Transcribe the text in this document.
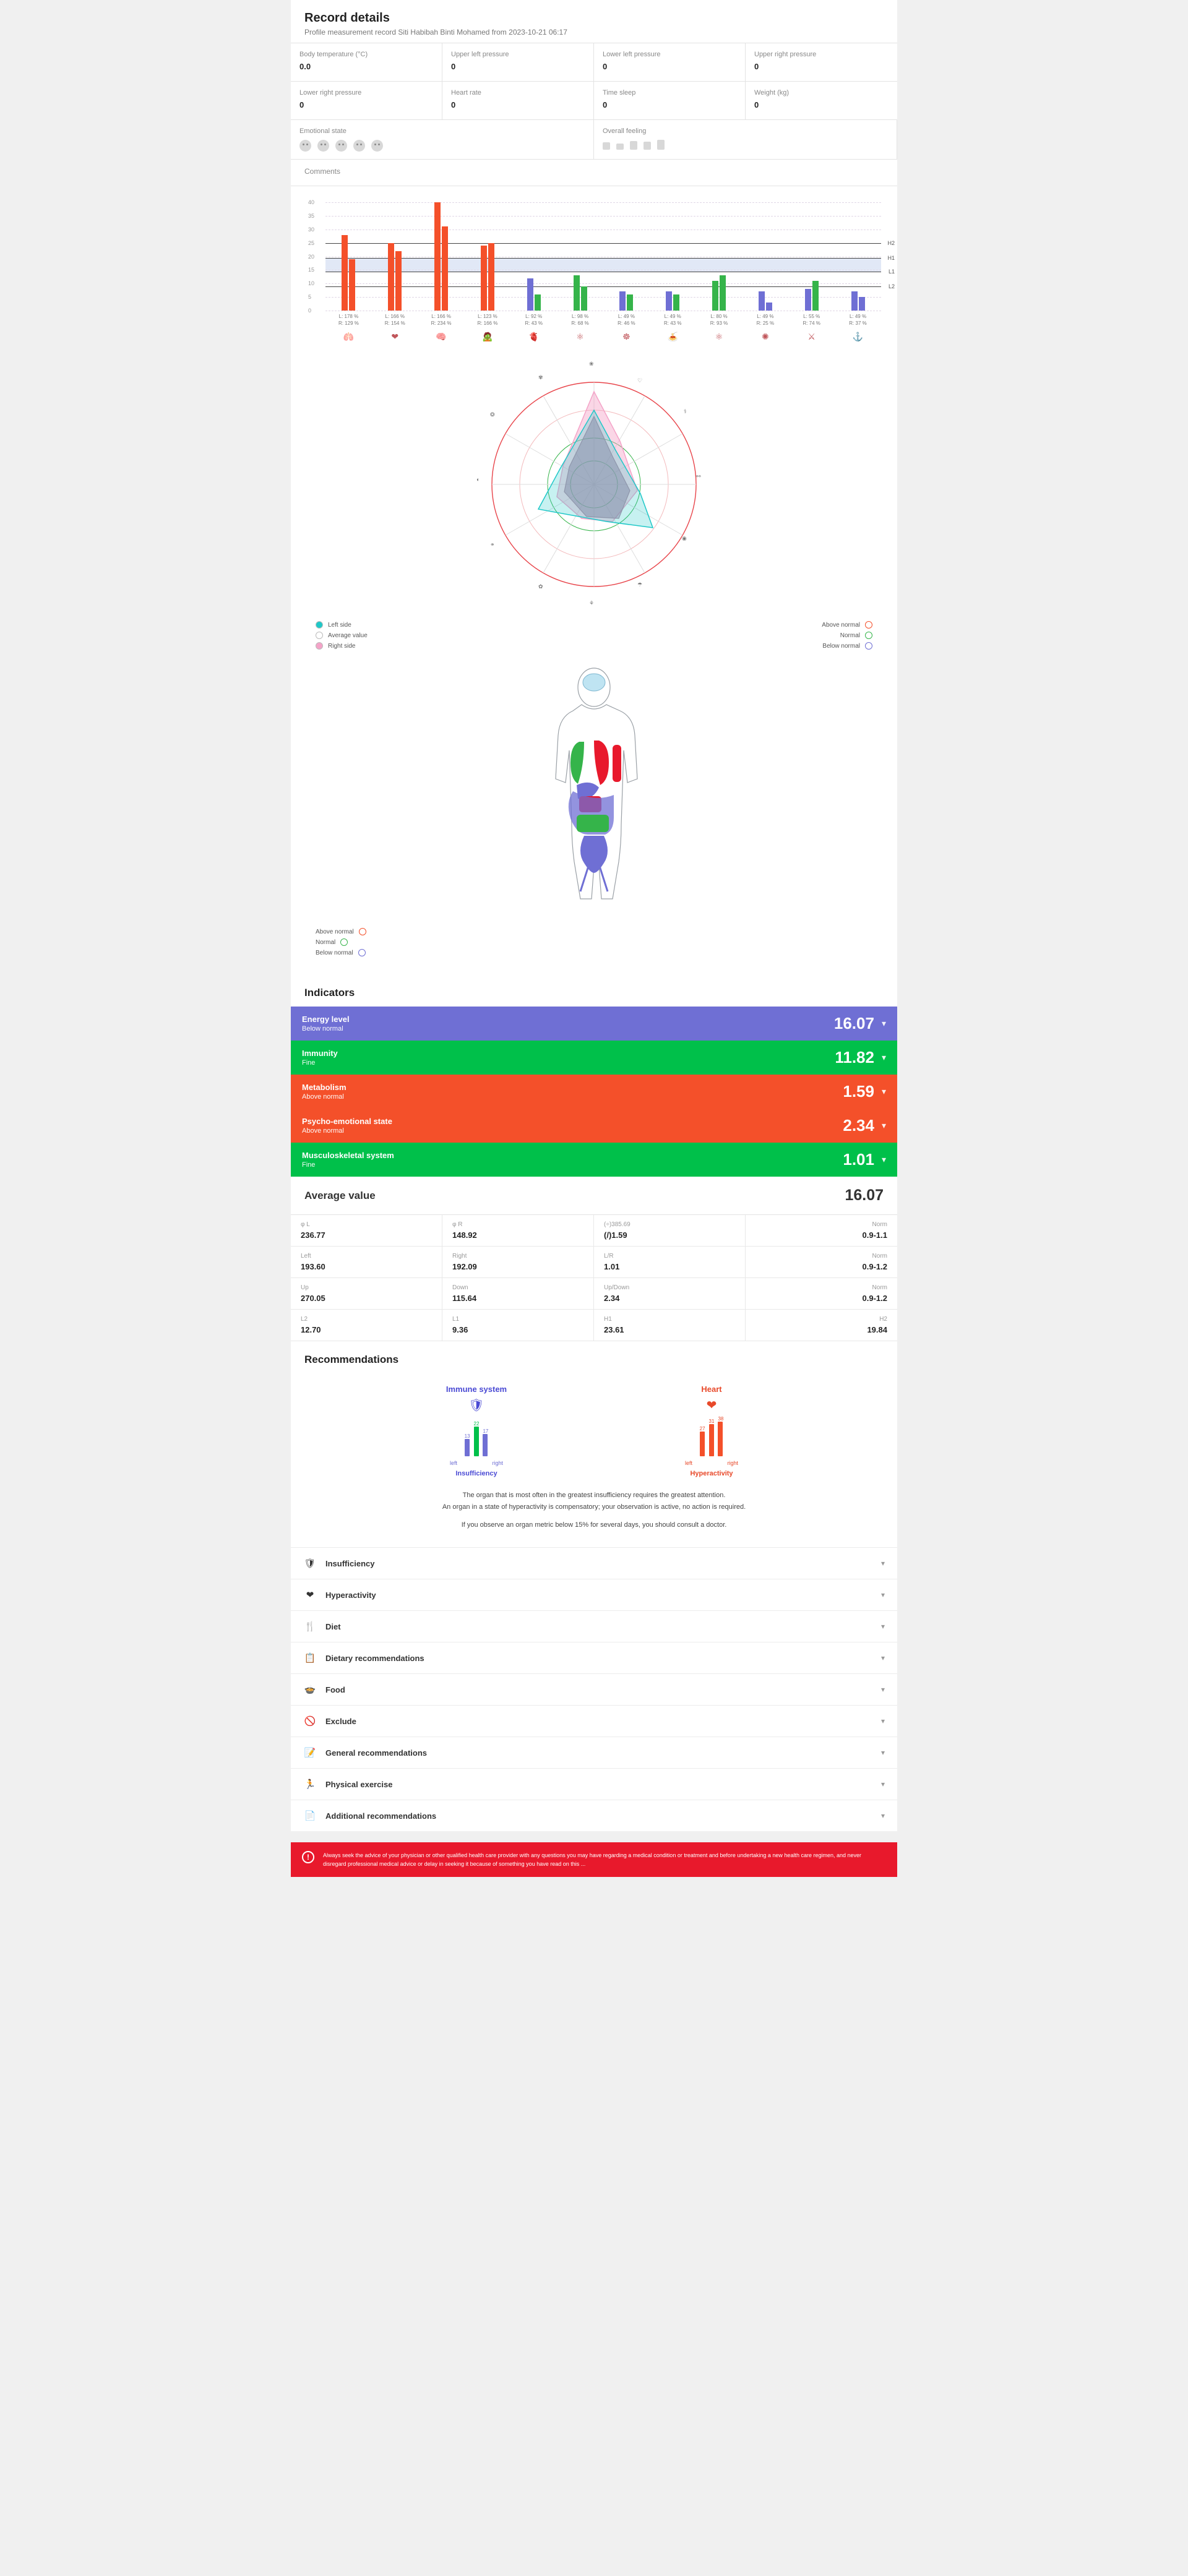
Record details
Profile measurement record Siti Habibah Binti Mohamed from 2023-10-21 06:17
Body temperature (°C)
0.0
Upper left pressure
0
Lower left pressure
0
Upper right pressure
0
Lower right pressure
0
Heart rate
0
Time sleep
0
Weight (kg)
0
Emotional state	Overall feeling
Comments
0
5
10
15
20
25
30
35
40
H2
H1
L1
L2
L: 178 %
R: 129 %
L: 166 %
R: 154 %
L: 166 %
R: 234 %
L: 123 %
R: 166 %
L: 92 %
R: 43 %
L: 98 %
R: 68 %
L: 49 %
R: 46 %
L: 49 %
R: 43 %
L: 80 %
R: 93 %
L: 49 %
R: 25 %
L: 55 %
R: 74 %
L: 49 %
R: 37 %
🫁	❤	🧠	🧟	🫀	⚛	☸	🍝	⚛	✺	⚔	⚓
♡
⚕
⚯
◉
☂
⚘
✿
⚭
◐
❂
✾
❀
Left side
Average value
Right side
Above normal
Normal
Below normal
Above normal
Normal
Below normal
Indicators
Energy level
Below normal	16.07 ▾
Immunity
Fine	11.82 ▾
Metabolism
Above normal	1.59 ▾
Psycho-emotional state
Above normal	2.34 ▾
Musculoskeletal system
Fine	1.01 ▾
Average value	16.07
φ L
236.77
φ R
148.92
(÷)385.69
(/)1.59
Norm
0.9-1.1
Left
193.60
Right
192.09
L/R
1.01
Norm
0.9-1.2
Up
270.05
Down
115.64
Up/Down
2.34
Norm
0.9-1.2
L2
12.70
L1
9.36
H1
23.61
H2
19.84
Recommendations
Immune system
🛡
13
22
17
left	right
Insufficiency
Heart
❤
27
31 38
left	right
Hyperactivity
The organ that is most often in the greatest insufficiency requires the greatest attention.
An organ in a state of hyperactivity is compensatory; your observation is active, no action is required.
If you observe an organ metric below 15% for several days, you should consult a doctor.
🛡 Insufficiency	▾
❤	Hyperactivity	▾
🍴 Diet	▾
📋 Dietary recommendations	▾
🍲 Food	▾
🚫 Exclude	▾
📝 General recommendations	▾
🏃 Physical exercise	▾
📄 Additional recommendations	▾
!	Always seek the advice of your physician or other qualified health care provider with any questions you may have regarding a medical condition or treatment and before undertaking a new health care regimen, and never disregard professional medical advice or delay in seeking it because of something you have read on this ...
